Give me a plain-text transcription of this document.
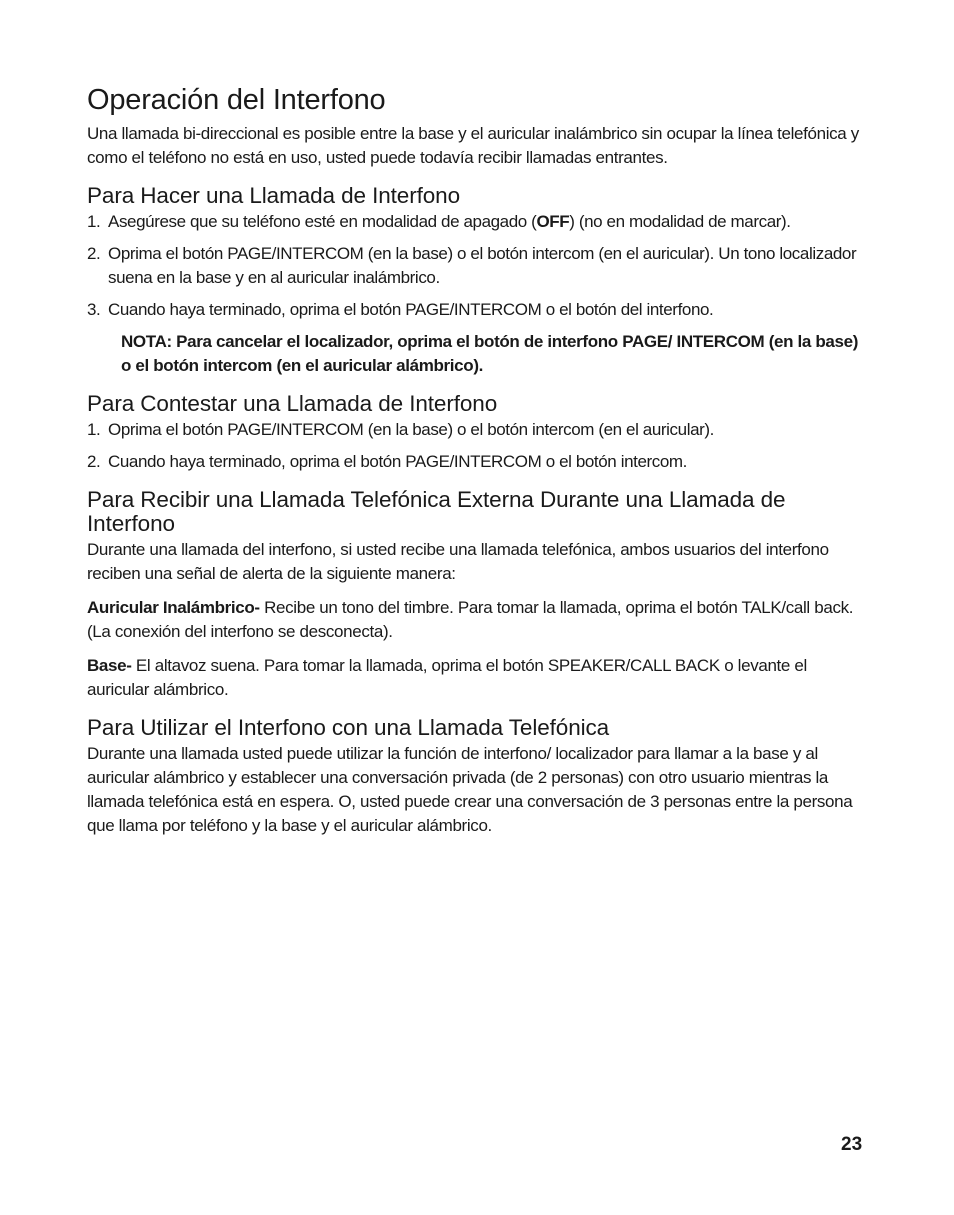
Operación del Interfono

Una llamada bi-direccional es posible entre la base y el auricular inalámbrico sin ocupar la línea telefónica y como el teléfono no está en uso, usted puede todavía recibir llamadas entrantes.

Para Hacer una Llamada de Interfono
1. Asegúrese que su teléfono esté en modalidad de apagado (OFF) (no en modalidad de marcar).
2. Oprima el botón PAGE/INTERCOM (en la base) o el botón intercom (en el auricular). Un tono localizador suena en la base y en al auricular inalámbrico.
3. Cuando haya terminado, oprima el botón PAGE/INTERCOM o el botón del interfono.

NOTA: Para cancelar el localizador, oprima el botón de interfono PAGE/ INTERCOM (en la base) o el botón intercom (en el auricular alámbrico).

Para Contestar una Llamada de Interfono
1. Oprima el botón PAGE/INTERCOM (en la base) o el botón intercom (en el auricular).
2. Cuando haya terminado, oprima el botón PAGE/INTERCOM o el botón intercom.
Para Recibir una Llamada Telefónica Externa Durante una Llamada de Interfono

Durante una llamada del interfono, si usted recibe una llamada telefónica, ambos usuarios del interfono reciben una señal de alerta de la siguiente manera:

Auricular Inalámbrico- Recibe un tono del timbre. Para tomar la llamada, oprima el botón TALK/call back. (La conexión del interfono se desconecta).

Base- El altavoz suena. Para tomar la llamada, oprima el botón SPEAKER/CALL BACK o levante el auricular alámbrico.

Para Utilizar el Interfono con una Llamada Telefónica

Durante una llamada usted puede utilizar la función de interfono/ localizador para llamar a la base y al auricular alámbrico y establecer una conversación privada (de 2 personas) con otro usuario mientras la llamada telefónica está en espera. O, usted puede crear una conversación de 3 personas entre la persona que llama por teléfono y la base y el auricular alámbrico.

23
